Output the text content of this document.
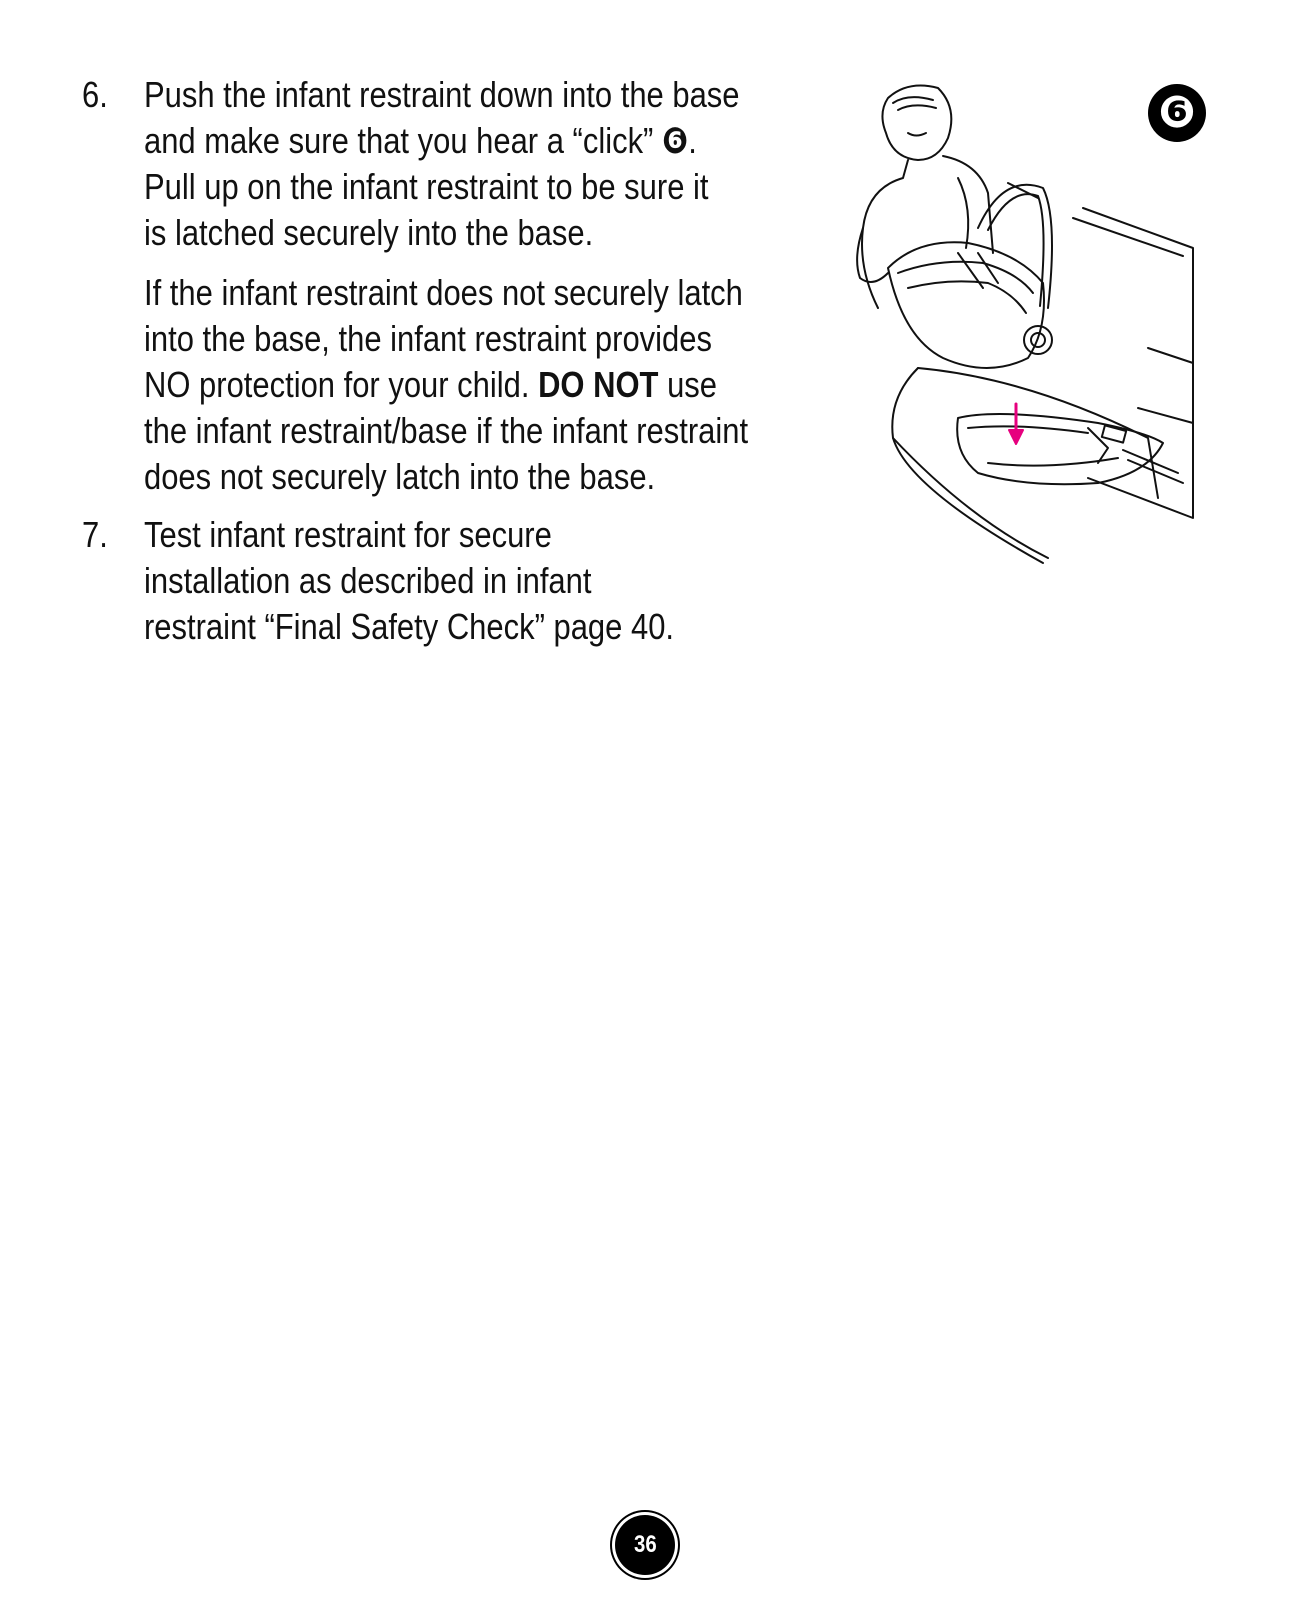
6.	Push the infant restraint down into the base
and make sure that you hear a “click” ❻.
Pull up on the infant restraint to be sure it
is latched securely into the base.

If the infant restraint does not securely latch
into the base, the infant restraint provides
NO protection for your child. DO NOT use
the infant restraint/base if the infant restraint
does not securely latch into the base.

7.	Test infant restraint for secure
installation as described in infant
restraint “Final Safety Check” page 40.

❻
36
